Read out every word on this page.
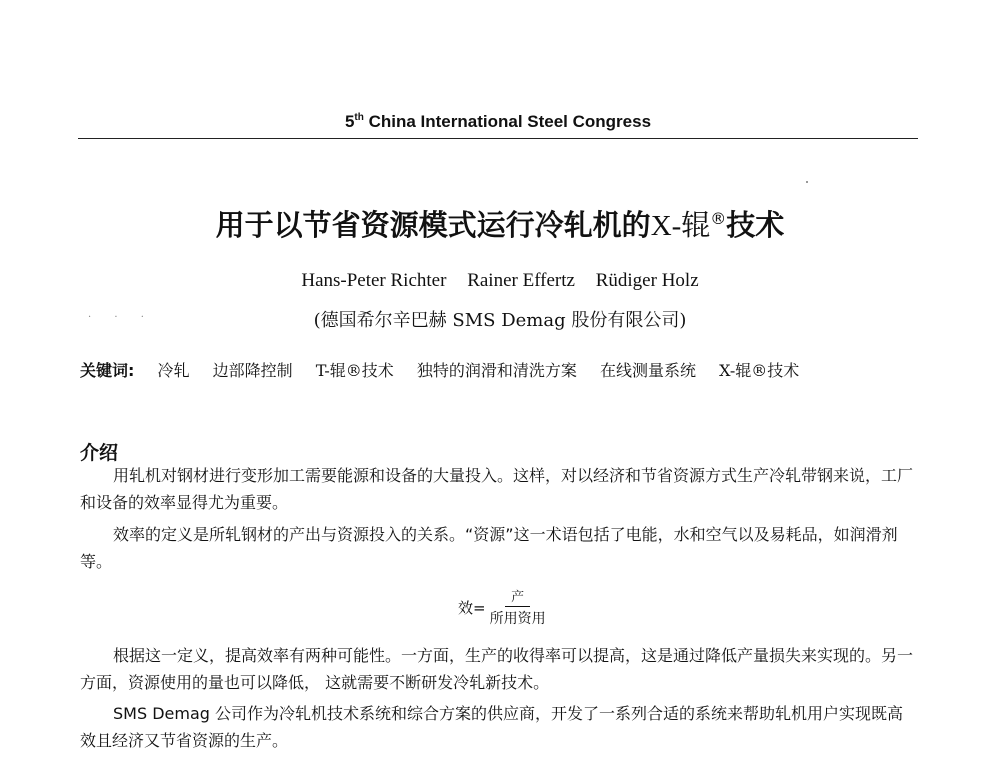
5th China International Steel Congress
用于以节省资源模式运行冷轧机的X-辊®技术
Hans-Peter Richter Rainer Effertz Rüdiger Holz
· · ·	(德国希尔辛巴赫 SMS Demag 股份有限公司)
关键词: 冷轧 边部降控制 T-辊®技术 独特的润滑和清洗方案 在线测量系统 X-辊®技术
介绍
用轧机对钢材进行变形加工需要能源和设备的大量投入。这样，对以经济和节省资源方式生产冷轧带钢来说，工厂和设备的效率显得尤为重要。
效率的定义是所轧钢材的产出与资源投入的关系。“资源”这一术语包括了电能，水和空气以及易耗品，如润滑剂等。
效= $\frac{\text{产}}{\text{所用资用}}$
根据这一定义，提高效率有两种可能性。一方面，生产的收得率可以提高，这是通过降低产量损失来实现的。另一方面，资源使用的量也可以降低， 这就需要不断研发冷轧新技术。
SMS Demag 公司作为冷轧机技术系统和综合方案的供应商，开发了一系列合适的系统来帮助轧机用户实现既高效且经济又节省资源的生产。
